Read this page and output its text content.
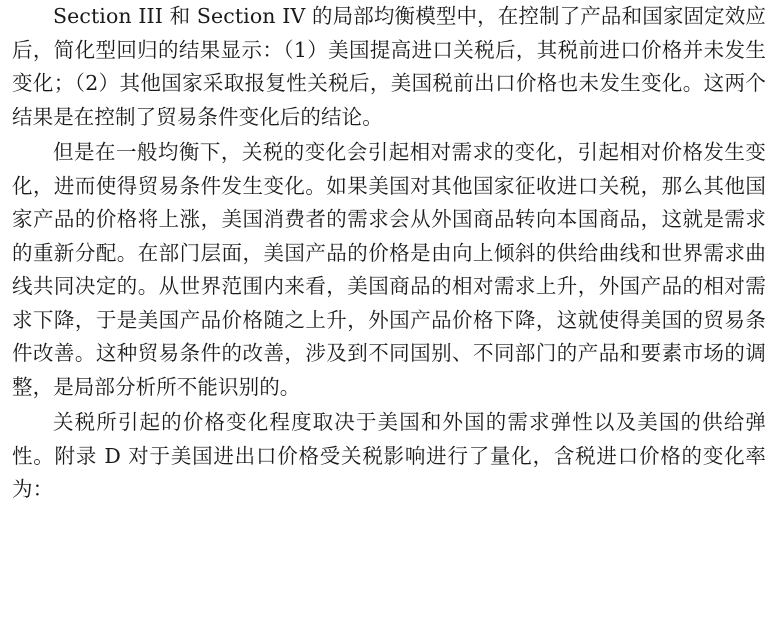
Section III 和 Section IV 的局部均衡模型中，在控制了产品和国家固定效应后，简化型回归的结果显示：（1）美国提高进口关税后，其税前进口价格并未发生变化；（2）其他国家采取报复性关税后，美国税前出口价格也未发生变化。这两个结果是在控制了贸易条件变化后的结论。

但是在一般均衡下，关税的变化会引起相对需求的变化，引起相对价格发生变化，进而使得贸易条件发生变化。如果美国对其他国家征收进口关税，那么其他国家产品的价格将上涨，美国消费者的需求会从外国商品转向本国商品，这就是需求的重新分配。在部门层面，美国产品的价格是由向上倾斜的供给曲线和世界需求曲线共同决定的。从世界范围内来看，美国商品的相对需求上升，外国产品的相对需求下降，于是美国产品价格随之上升，外国产品价格下降，这就使得美国的贸易条件改善。这种贸易条件的改善，涉及到不同国别、不同部门的产品和要素市场的调整，是局部分析所不能识别的。

关税所引起的价格变化程度取决于美国和外国的需求弹性以及美国的供给弹性。附录 D 对于美国进出口价格受关税影响进行了量化，含税进口价格的变化率为：
